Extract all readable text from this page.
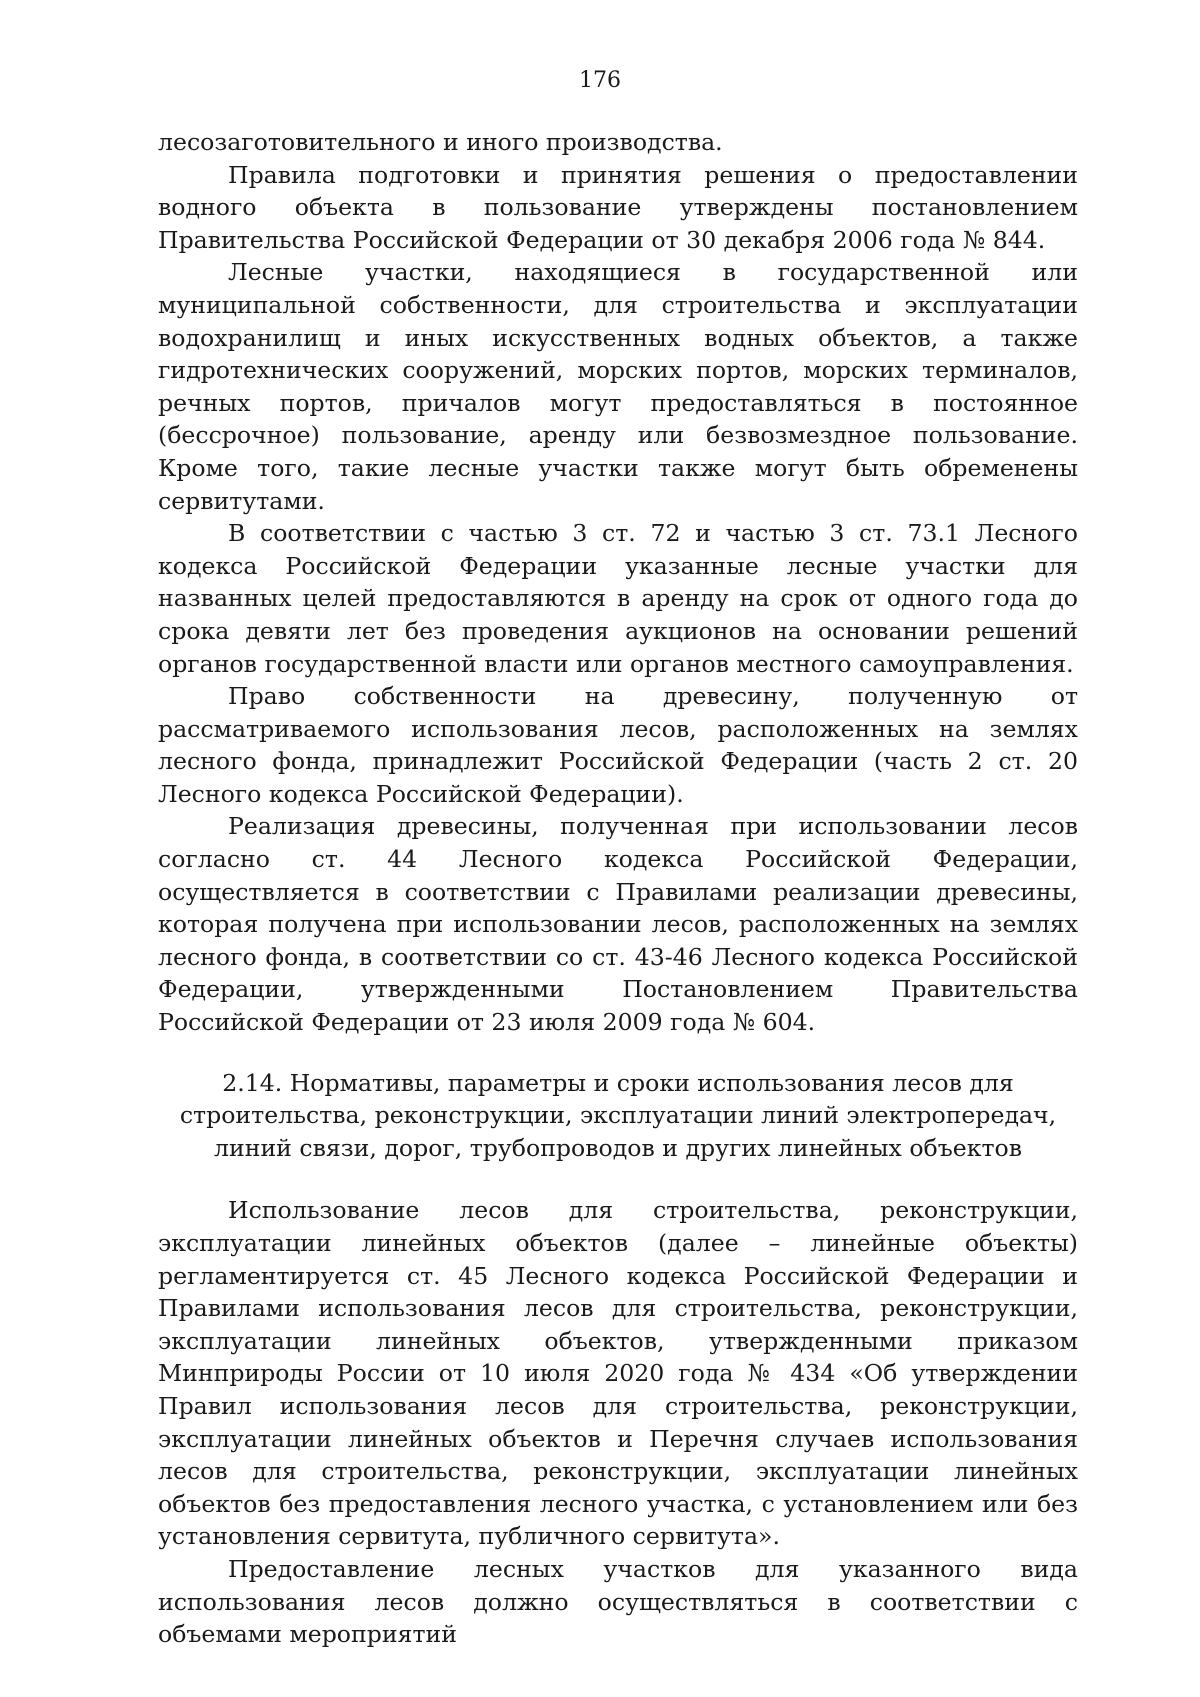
176

лесозаготовительного и иного производства.

Правила подготовки и принятия решения о предоставлении водного объекта в пользование утверждены постановлением Правительства Российской Федерации от 30 декабря 2006 года № 844.

Лесные участки, находящиеся в государственной или муниципальной собственности, для строительства и эксплуатации водохранилищ и иных искусственных водных объектов, а также гидротехнических сооружений, морских портов, морских терминалов, речных портов, причалов могут предоставляться в постоянное (бессрочное) пользование, аренду или безвозмездное пользование. Кроме того, такие лесные участки также могут быть обременены сервитутами.

В соответствии с частью 3 ст. 72 и частью 3 ст. 73.1 Лесного кодекса Российской Федерации указанные лесные участки для названных целей предоставляются в аренду на срок от одного года до срока девяти лет без проведения аукционов на основании решений органов государственной власти или органов местного самоуправления.

Право собственности на древесину, полученную от рассматриваемого использования лесов, расположенных на землях лесного фонда, принадлежит Российской Федерации (часть 2 ст. 20 Лесного кодекса Российской Федерации).

Реализация древесины, полученная при использовании лесов согласно ст. 44 Лесного кодекса Российской Федерации, осуществляется в соответствии с Правилами реализации древесины, которая получена при использовании лесов, расположенных на землях лесного фонда, в соответствии со ст. 43-46 Лесного кодекса Российской Федерации, утвержденными Постановлением Правительства Российской Федерации от 23 июля 2009 года № 604.

2.14. Нормативы, параметры и сроки использования лесов для строительства, реконструкции, эксплуатации линий электропередач, линий связи, дорог, трубопроводов и других линейных объектов

Использование лесов для строительства, реконструкции, эксплуатации линейных объектов (далее – линейные объекты) регламентируется ст. 45 Лесного кодекса Российской Федерации и Правилами использования лесов для строительства, реконструкции, эксплуатации линейных объектов, утвержденными приказом Минприроды России от 10 июля 2020 года № 434 «Об утверждении Правил использования лесов для строительства, реконструкции, эксплуатации линейных объектов и Перечня случаев использования лесов для строительства, реконструкции, эксплуатации линейных объектов без предоставления лесного участка, с установлением или без установления сервитута, публичного сервитута».

Предоставление лесных участков для указанного вида использования лесов должно осуществляться в соответствии с объемами мероприятий
